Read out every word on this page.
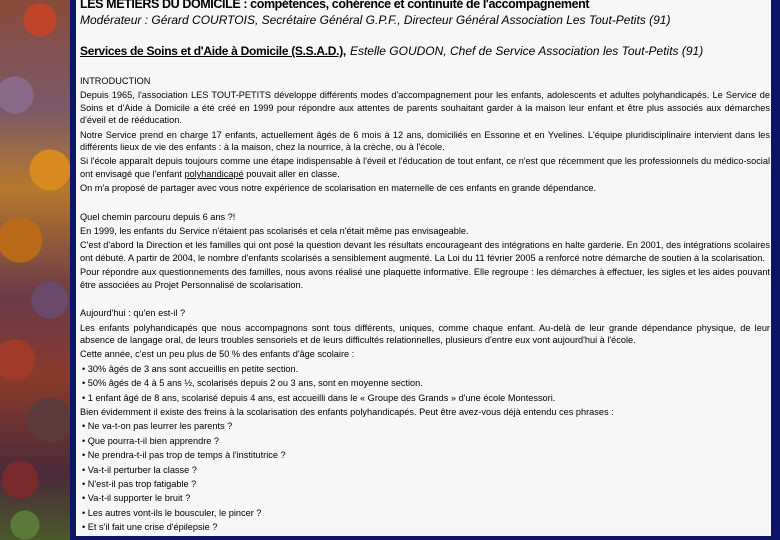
LES METIERS DU DOMICILE : compétences, cohérence et continuité de l'accompagnement
Modérateur : Gérard COURTOIS, Secrétaire Général G.P.F., Directeur Général Association Les Tout-Petits (91)
Services de Soins et d'Aide à Domicile (S.S.A.D.), Estelle GOUDON, Chef de Service Association les Tout-Petits (91)

INTRODUCTION

Depuis 1965, l'association LES TOUT-PETITS développe différents modes d'accompagnement pour les enfants, adolescents et adultes polyhandicapés. Le Service de Soins et d'Aide à Domicile a été créé en 1999 pour répondre aux attentes de parents souhaitant garder à la maison leur enfant et être plus associés aux démarches d'éveil et de rééducation.

Notre Service prend en charge 17 enfants, actuellement âgés de 6 mois à 12 ans, domiciliés en Essonne et en Yvelines. L'équipe pluridisciplinaire intervient dans les différents lieux de vie des enfants : à la maison, chez la nourrice, à la crèche, ou à l'école.

Si l'école apparaît depuis toujours comme une étape indispensable à l'éveil et l'éducation de tout enfant, ce n'est que récemment que les professionnels du médico-social ont envisagé que l'enfant polyhandicapé pouvait aller en classe.

On m'a proposé de partager avec vous notre expérience de scolarisation en maternelle de ces enfants en grande dépendance.

Quel chemin parcouru depuis 6 ans ?!

En 1999, les enfants du Service n'étaient pas scolarisés et cela n'était même pas envisageable.

C'est d'abord la Direction et les familles qui ont posé la question devant les résultats encourageant des intégrations en halte garderie. En 2001, des intégrations scolaires ont débuté. A partir de 2004, le nombre d'enfants scolarisés a sensiblement augmenté. La Loi du 11 février 2005 a renforcé notre démarche de soutien à la scolarisation.

Pour répondre aux questionnements des familles, nous avons réalisé une plaquette informative. Elle regroupe : les démarches à effectuer, les sigles et les aides pouvant être associées au Projet Personnalisé de scolarisation.

Aujourd'hui : qu'en est-il ?

Les enfants polyhandicapés que nous accompagnons sont tous différents, uniques, comme chaque enfant. Au-delà de leur grande dépendance physique, de leur absence de langage oral, de leurs troubles sensoriels et de leurs difficultés relationnelles, plusieurs d'entre eux vont aujourd'hui à l'école.

Cette année, c'est un peu plus de 50 % des enfants d'âge scolaire :

• 30% âgés de 3 ans sont accueillis en petite section.

• 50% âgés de 4 à 5 ans ½, scolarisés depuis 2 ou 3 ans, sont en moyenne section.

• 1 enfant âgé de 8 ans, scolarisé depuis 4 ans, est accueilli dans le « Groupe des Grands » d'une école Montessori.

Bien évidemment il existe des freins à la scolarisation des enfants polyhandicapés. Peut être avez-vous déjà entendu ces phrases :

• Ne va-t-on pas leurrer les parents ?

• Que pourra-t-il bien apprendre ?

• Ne prendra-t-il pas trop de temps à l'institutrice ?

• Va-t-il perturber la classe ?

• N'est-il pas trop fatigable ?

• Va-t-il supporter le bruit ?

• Les autres vont-ils le bousculer, le pincer ?

• Et s'il fait une crise d'épilepsie ?
